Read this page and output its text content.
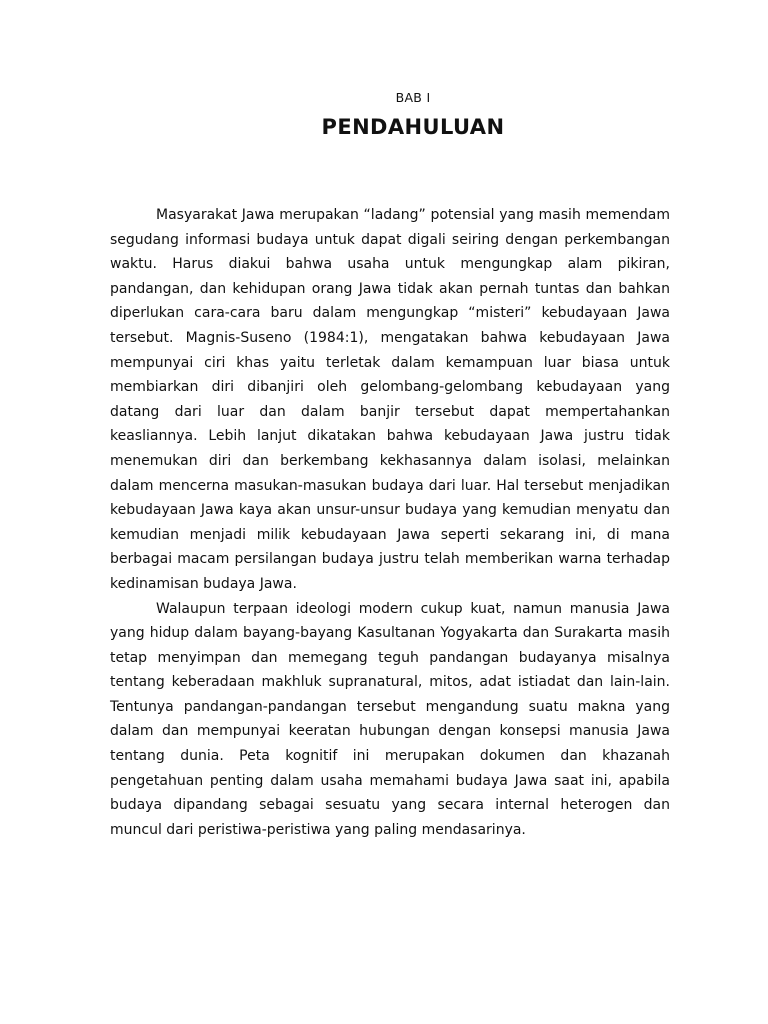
BAB I
PENDAHULUAN

Masyarakat Jawa merupakan “ladang” potensial yang masih memendam segudang informasi budaya untuk dapat digali seiring dengan perkembangan waktu. Harus diakui bahwa usaha untuk mengungkap alam pikiran, pandangan, dan kehidupan orang Jawa tidak akan pernah tuntas dan bahkan diperlukan cara-cara baru dalam mengungkap “misteri” kebudayaan Jawa tersebut. Magnis-Suseno (1984:1), mengatakan bahwa kebudayaan Jawa mempunyai ciri khas yaitu terletak dalam kemampuan luar biasa untuk membiarkan diri dibanjiri oleh gelombang-gelombang kebudayaan yang datang dari luar dan dalam banjir tersebut dapat mempertahankan keasliannya. Lebih lanjut dikatakan bahwa kebudayaan Jawa justru tidak menemukan diri dan berkembang kekhasannya dalam isolasi, melainkan dalam mencerna masukan-masukan budaya dari luar. Hal tersebut menjadikan kebudayaan Jawa kaya akan unsur-unsur budaya yang kemudian menyatu dan kemudian menjadi milik kebudayaan Jawa seperti sekarang ini, di mana berbagai macam persilangan budaya justru telah memberikan warna terhadap kedinamisan budaya Jawa.

Walaupun terpaan ideologi modern cukup kuat, namun manusia Jawa yang hidup dalam bayang-bayang Kasultanan Yogyakarta dan Surakarta masih tetap menyimpan dan memegang teguh pandangan budayanya misalnya tentang keberadaan makhluk supranatural, mitos, adat istiadat dan lain-lain. Tentunya pandangan-pandangan tersebut mengandung suatu makna yang dalam dan mempunyai keeratan hubungan dengan konsepsi manusia Jawa tentang dunia. Peta kognitif ini merupakan dokumen dan khazanah pengetahuan penting dalam usaha memahami budaya Jawa saat ini, apabila budaya dipandang sebagai sesuatu yang secara internal heterogen dan muncul dari peristiwa-peristiwa yang paling mendasarinya.
